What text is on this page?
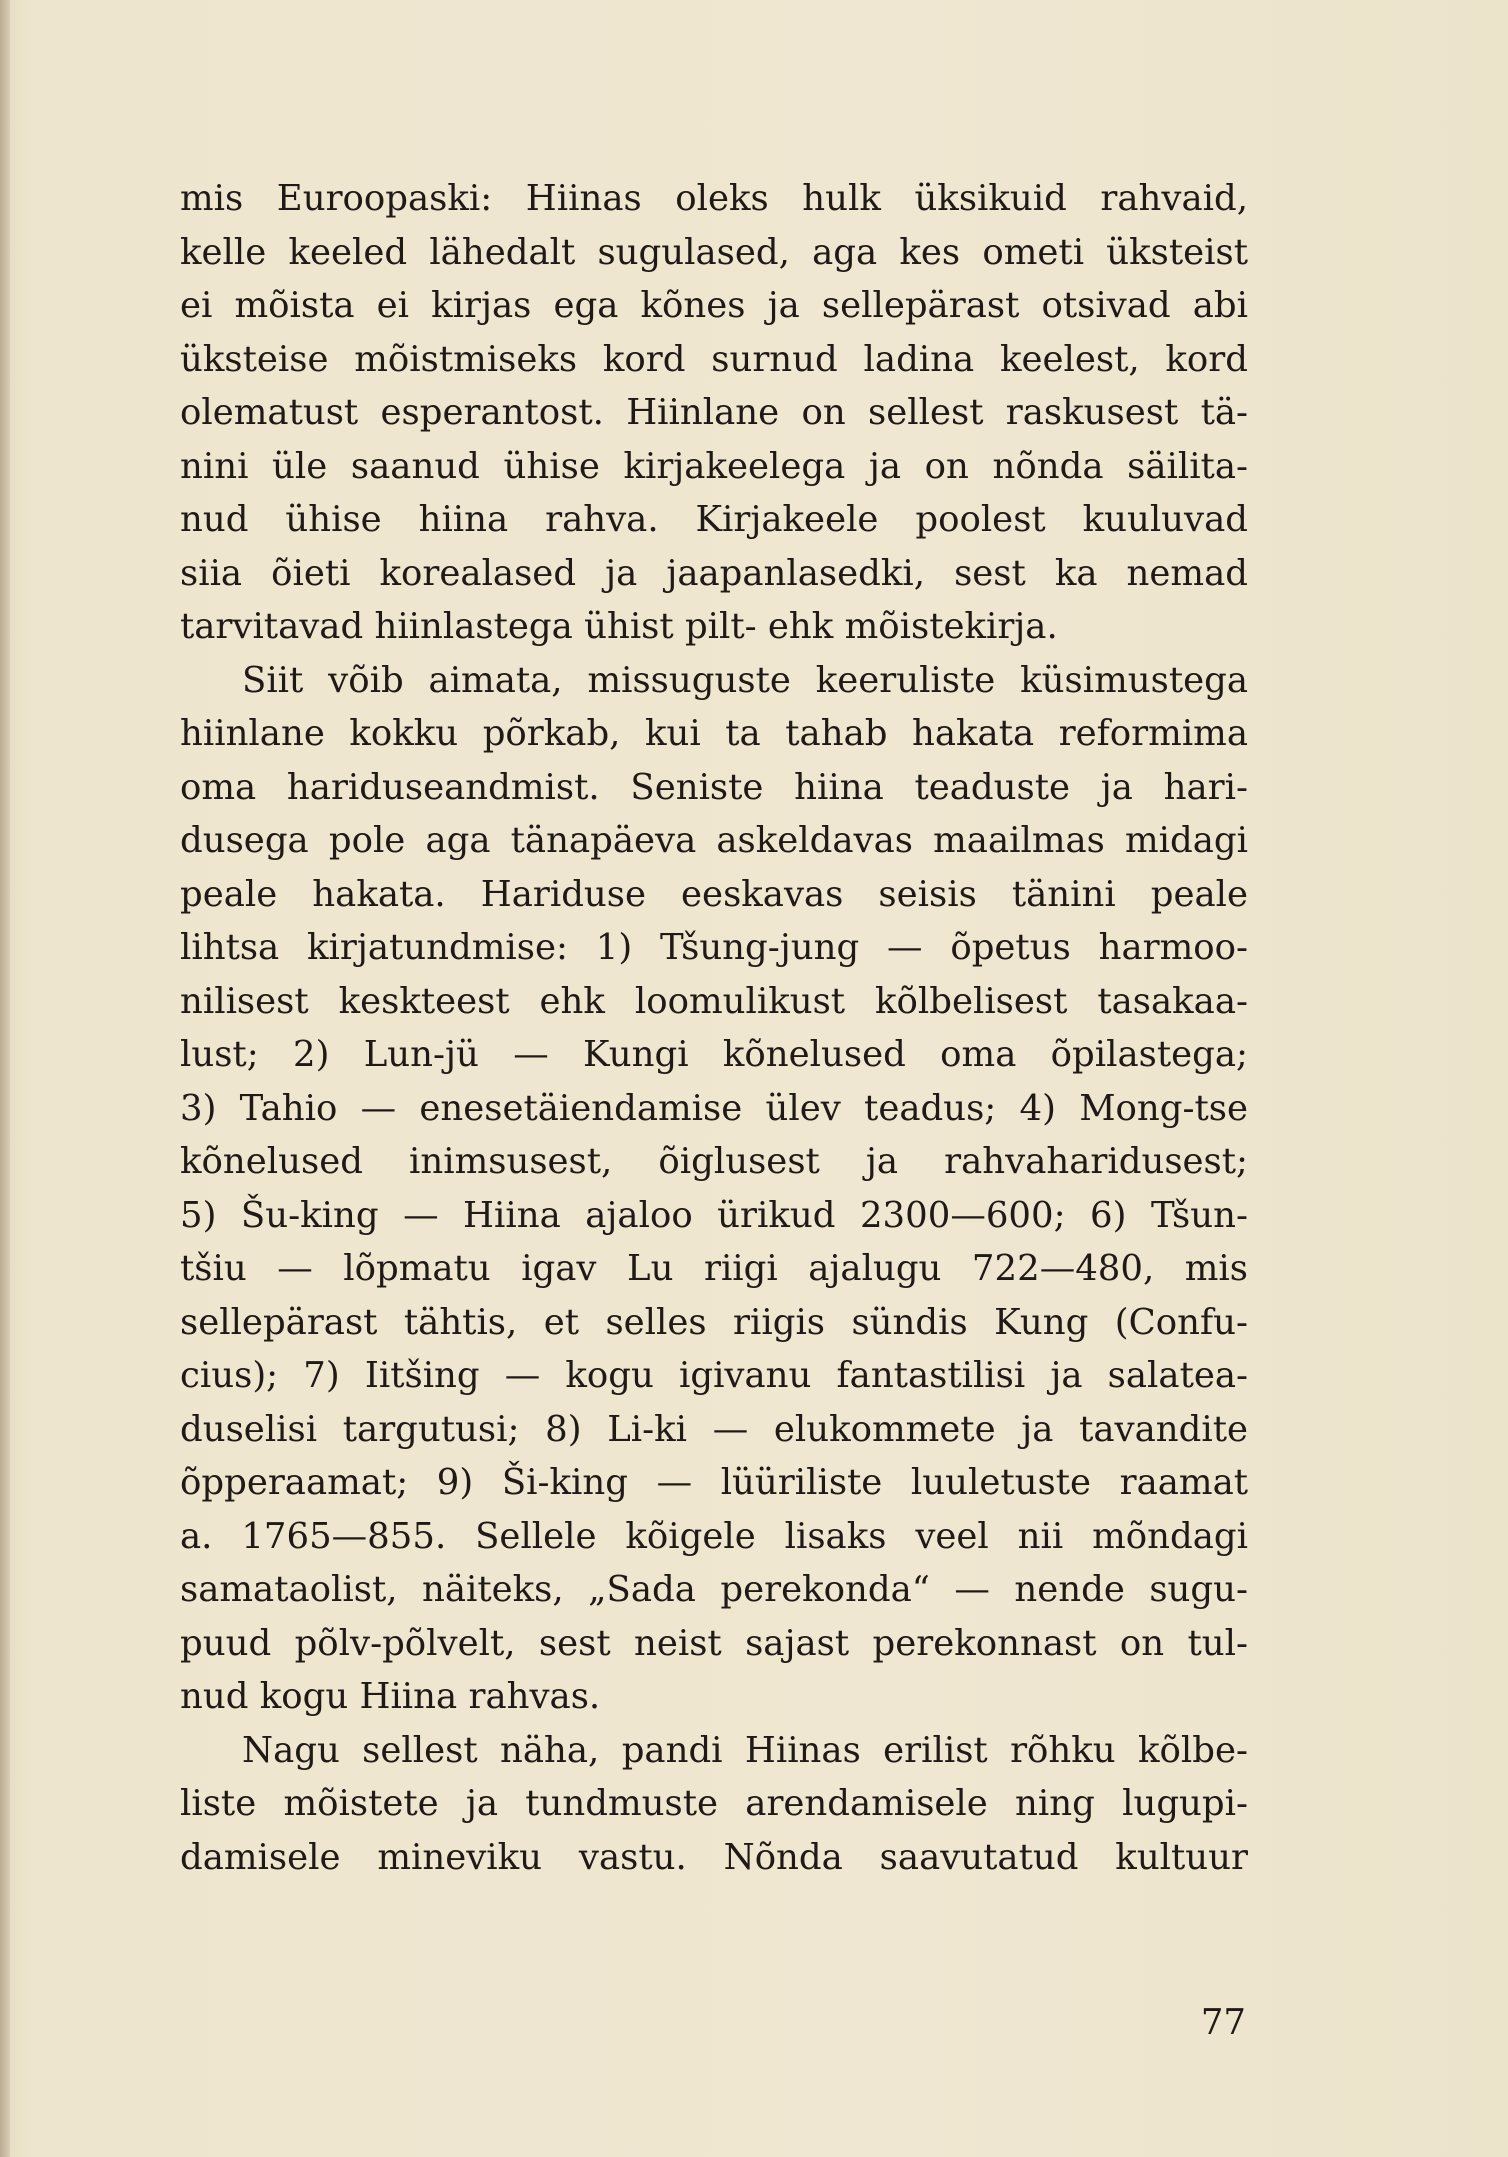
mis Euroopaski: Hiinas oleks hulk üksikuid rahvaid,
kelle keeled lähedalt sugulased, aga kes ometi üksteist
ei mõista ei kirjas ega kõnes ja sellepärast otsivad abi
üksteise mõistmiseks kord surnud ladina keelest, kord
olematust esperantost. Hiinlane on sellest raskusest tä-
nini üle saanud ühise kirjakeelega ja on nõnda säilita-
nud ühise hiina rahva. Kirjakeele poolest kuuluvad
siia õieti korealased ja jaapanlasedki, sest ka nemad
tarvitavad hiinlastega ühist pilt- ehk mõistekirja.
Siit võib aimata, missuguste keeruliste küsimustega
hiinlane kokku põrkab, kui ta tahab hakata reformima
oma hariduseandmist. Seniste hiina teaduste ja hari-
dusega pole aga tänapäeva askeldavas maailmas midagi
peale hakata. Hariduse eeskavas seisis tänini peale
lihtsa kirjatundmise: 1) Tšung-jung — õpetus harmoo-
nilisest keskteest ehk loomulikust kõlbelisest tasakaa-
lust; 2) Lun-jü — Kungi kõnelused oma õpilastega;
3) Tahio — enesetäiendamise ülev teadus; 4) Mong-tse
kõnelused inimsusest, õiglusest ja rahvaharidusest;
5) Šu-king — Hiina ajaloo ürikud 2300—600; 6) Tšun-
tšiu — lõpmatu igav Lu riigi ajalugu 722—480, mis
sellepärast tähtis, et selles riigis sündis Kung (Confu-
cius); 7) Iitšing — kogu igivanu fantastilisi ja salatea-
duselisi targutusi; 8) Li-ki — elukommete ja tavandite
õpperaamat; 9) Ši-king — lüüriliste luuletuste raamat
a. 1765—855. Sellele kõigele lisaks veel nii mõndagi
samataolist, näiteks, „Sada perekonda“ — nende sugu-
puud põlv-põlvelt, sest neist sajast perekonnast on tul-
nud kogu Hiina rahvas.
Nagu sellest näha, pandi Hiinas erilist rõhku kõlbe-
liste mõistete ja tundmuste arendamisele ning lugupi-
damisele mineviku vastu. Nõnda saavutatud kultuur
77
